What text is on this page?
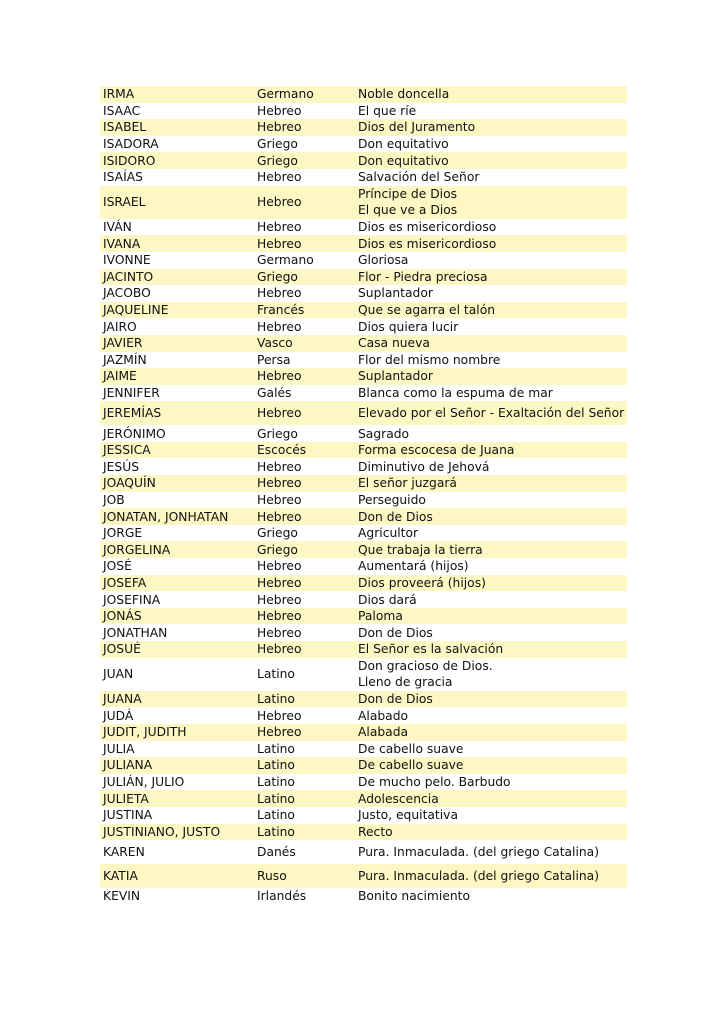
IRMA	Germano	Noble doncella

ISAAC	Hebreo	El que ríe

ISABEL	Hebreo	Dios del Juramento

ISADORA	Griego	Don equitativo

ISIDORO	Griego	Don equitativo

ISAÍAS	Hebreo	Salvación del Señor

ISRAEL	Hebreo	Príncipe de Dios
El que ve a Dios

IVÁN	Hebreo	Dios es misericordioso

IVANA	Hebreo	Dios es misericordioso

IVONNE	Germano	Gloriosa

JACINTO	Griego	Flor - Piedra preciosa

JACOBO	Hebreo	Suplantador

JAQUELINE	Francés	Que se agarra el talón

JAIRO	Hebreo	Dios quiera lucir

JAVIER	Vasco	Casa nueva

JAZMÍN	Persa	Flor del mismo nombre

JAIME	Hebreo	Suplantador

JENNIFER	Galés	Blanca como la espuma de mar

JEREMÍAS	Hebreo	Elevado por el Señor - Exaltación del Señor

JERÓNIMO	Griego	Sagrado

JESSICA	Escocés	Forma escocesa de Juana

JESÚS	Hebreo	Diminutivo de Jehová

JOAQUÍN	Hebreo	El señor juzgará

JOB	Hebreo	Perseguido

JONATAN, JONHATAN	Hebreo	Don de Dios

JORGE	Griego	Agricultor

JORGELINA	Griego	Que trabaja la tierra

JOSÉ	Hebreo	Aumentará (hijos)

JOSEFA	Hebreo	Dios proveerá (hijos)

JOSEFINA	Hebreo	Dios dará

JONÁS	Hebreo	Paloma

JONATHAN	Hebreo	Don de Dios

JOSUÉ	Hebreo	El Señor es la salvación

JUAN	Latino	Don gracioso de Dios.
Lleno de gracia

JUANA	Latino	Don de Dios

JUDÁ	Hebreo	Alabado

JUDIT, JUDITH	Hebreo	Alabada

JULIA	Latino	De cabello suave

JULIANA	Latino	De cabello suave

JULIÁN, JULIO	Latino	De mucho pelo. Barbudo

JULIETA	Latino	Adolescencia

JUSTINA	Latino	Justo, equitativa

JUSTINIANO, JUSTO	Latino	Recto

KAREN	Danés	Pura. Inmaculada. (del griego Catalina)

KATIA	Ruso	Pura. Inmaculada. (del griego Catalina)

KEVIN	Irlandés	Bonito nacimiento
